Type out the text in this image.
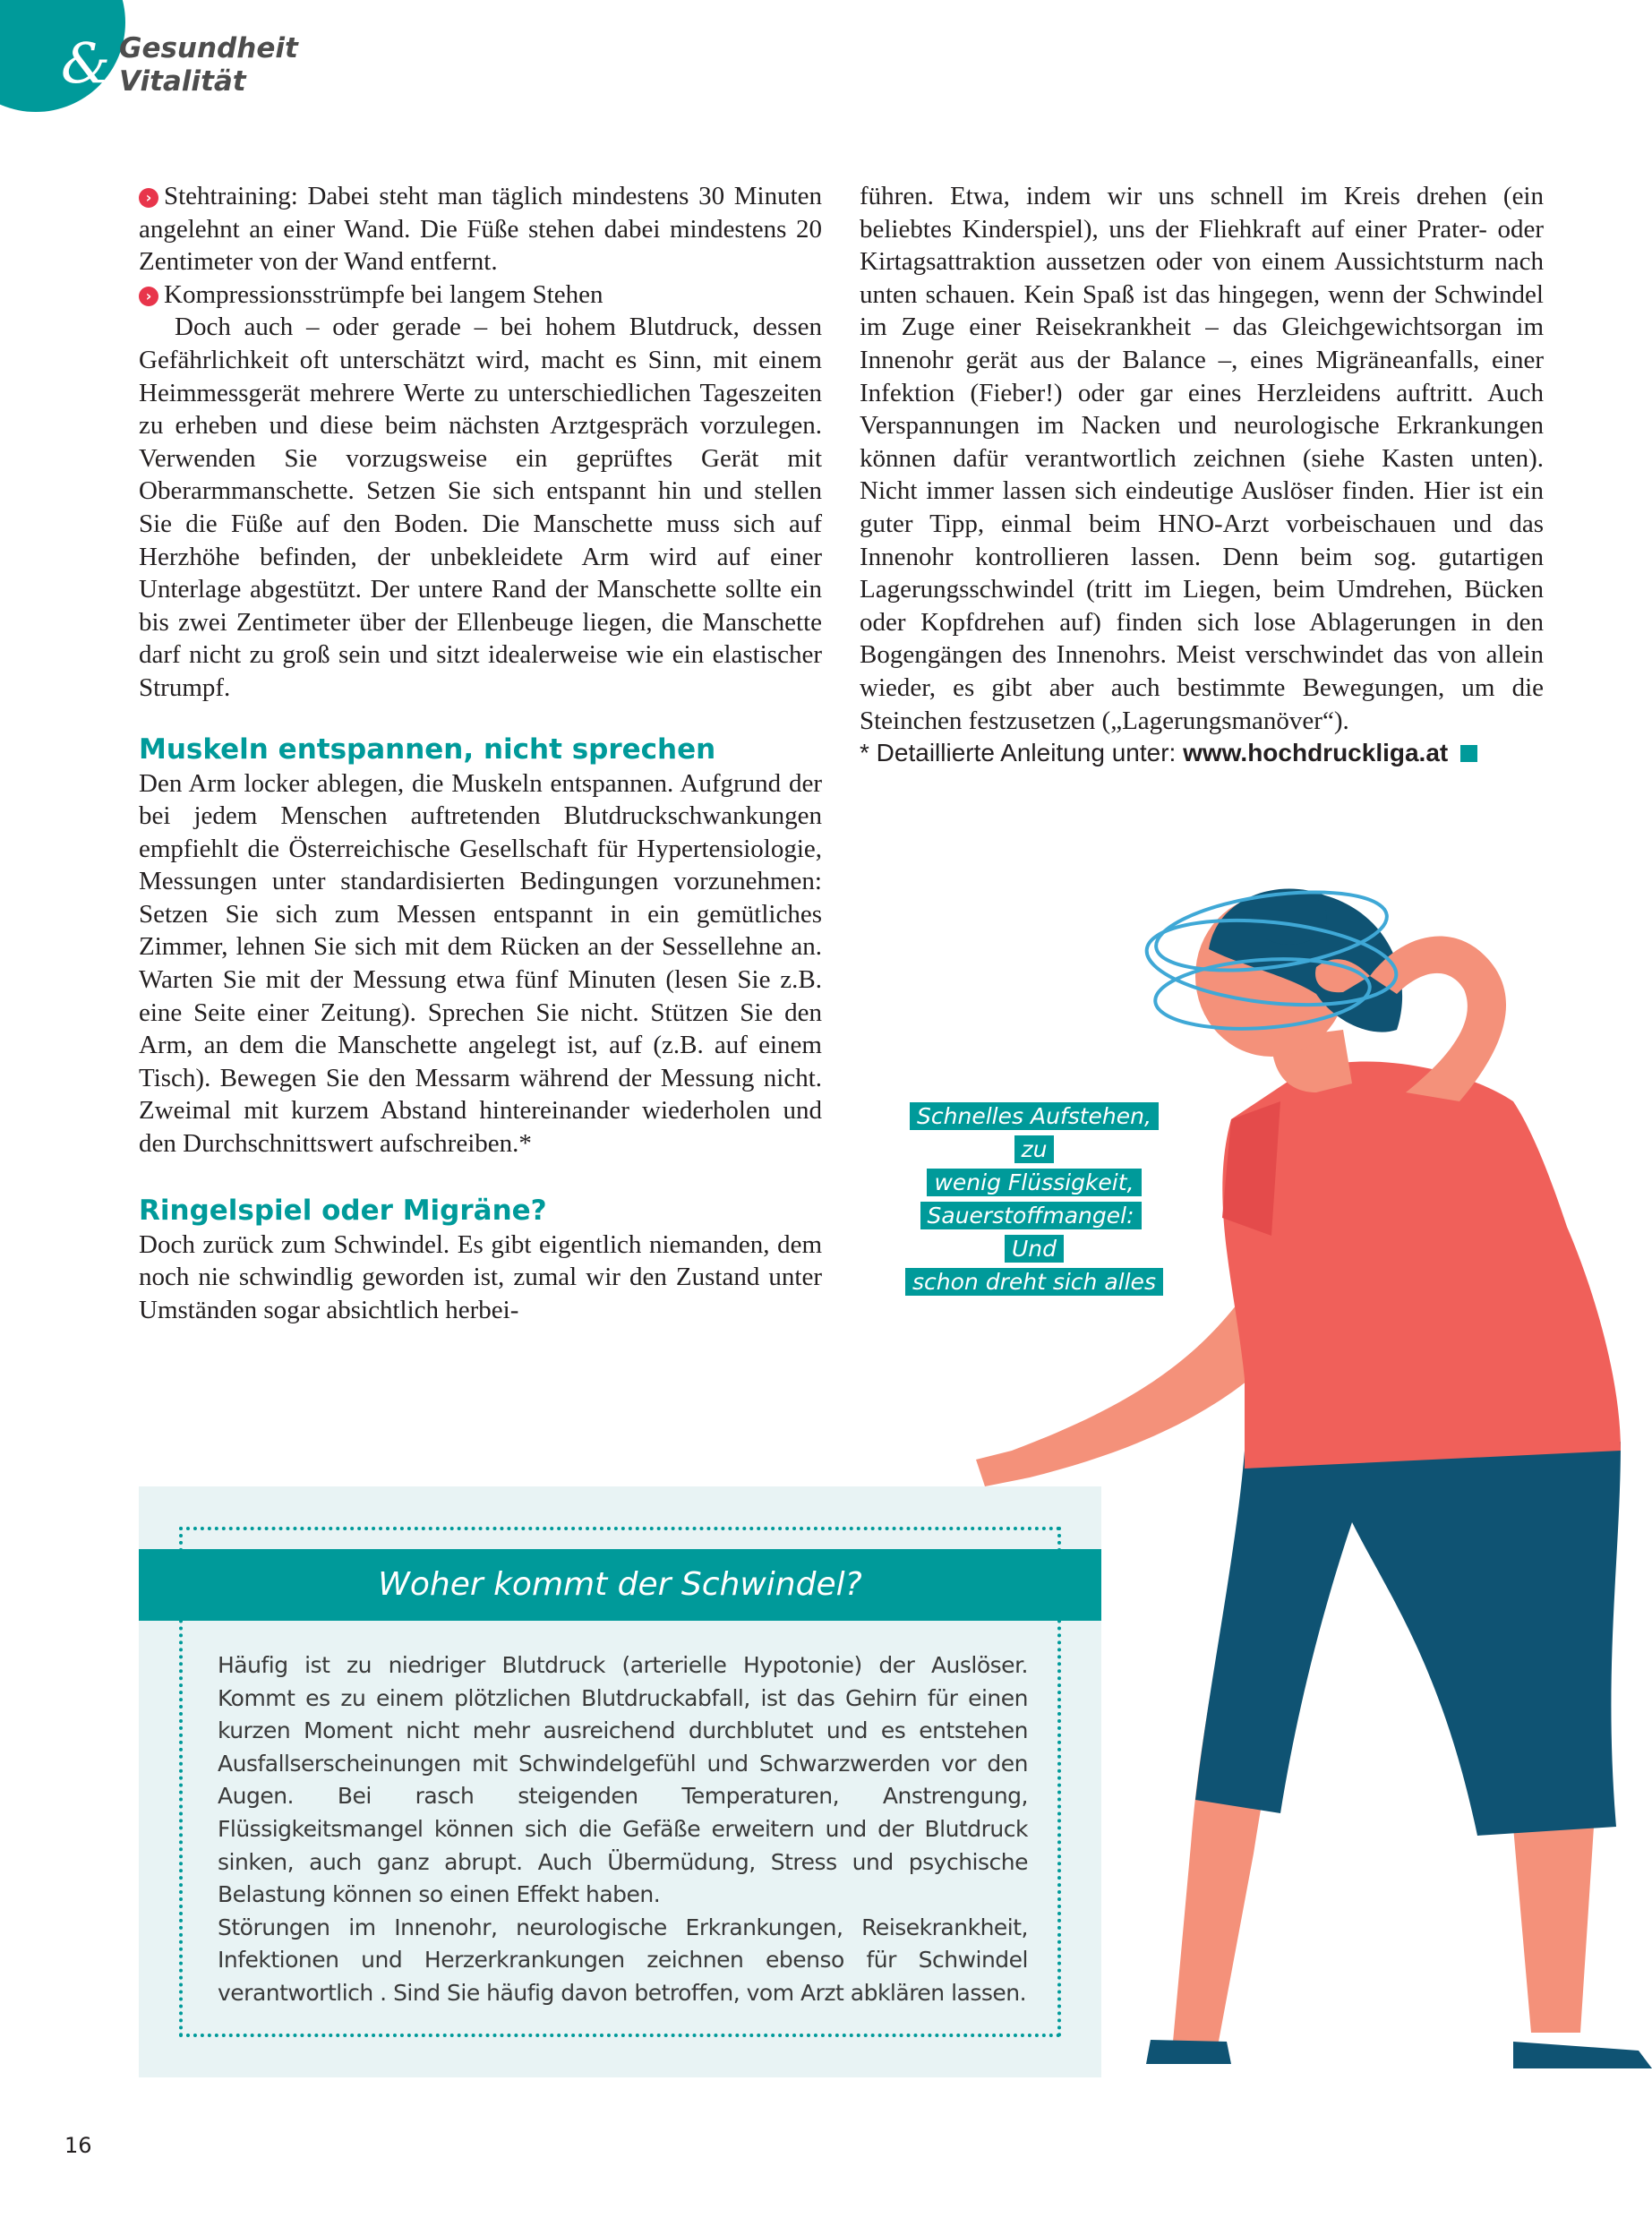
& Gesundheit
Vitalität

› Stehtraining: Dabei steht man täglich mindestens 30 Minuten angelehnt an einer Wand. Die Füße stehen dabei mindestens 20 Zentimeter von der Wand entfernt.

› Kompressionsstrümpfe bei langem Stehen

Doch auch – oder gerade – bei hohem Blutdruck, dessen Gefährlichkeit oft unterschätzt wird, macht es Sinn, mit einem Heimmessgerät mehrere Werte zu unterschiedlichen Tageszeiten zu erheben und diese beim nächsten Arztgespräch vorzulegen. Verwenden Sie vorzugsweise ein geprüftes Gerät mit Oberarmmanschette. Setzen Sie sich entspannt hin und stellen Sie die Füße auf den Boden. Die Manschette muss sich auf Herzhöhe befinden, der unbekleidete Arm wird auf einer Unterlage abgestützt. Der untere Rand der Manschette sollte ein bis zwei Zentimeter über der Ellenbeuge liegen, die Manschette darf nicht zu groß sein und sitzt idealerweise wie ein elastischer Strumpf.

Muskeln entspannen, nicht sprechen

Den Arm locker ablegen, die Muskeln entspannen. Aufgrund der bei jedem Menschen auftretenden Blutdruckschwankungen empfiehlt die Österreichische Gesellschaft für Hypertensiologie, Messungen unter standardisierten Bedingungen vorzunehmen: Setzen Sie sich zum Messen entspannt in ein gemütliches Zimmer, lehnen Sie sich mit dem Rücken an der Sessellehne an. Warten Sie mit der Messung etwa fünf Minuten (lesen Sie z.B. eine Seite einer Zeitung). Sprechen Sie nicht. Stützen Sie den Arm, an dem die Manschette angelegt ist, auf (z.B. auf einem Tisch). Bewegen Sie den Messarm während der Messung nicht. Zweimal mit kurzem Abstand hintereinander wiederholen und den Durchschnittswert aufschreiben.*

Ringelspiel oder Migräne?

Doch zurück zum Schwindel. Es gibt eigentlich niemanden, dem noch nie schwindlig geworden ist, zumal wir den Zustand unter Umständen sogar absichtlich herbei-

führen. Etwa, indem wir uns schnell im Kreis drehen (ein beliebtes Kinderspiel), uns der Fliehkraft auf einer Prater- oder Kirtagsattraktion aussetzen oder von einem Aussichtsturm nach unten schauen. Kein Spaß ist das hingegen, wenn der Schwindel im Zuge einer Reisekrankheit – das Gleichgewichtsorgan im Innenohr gerät aus der Balance –, eines Migräneanfalls, einer Infektion (Fieber!) oder gar eines Herzleidens auftritt. Auch Verspannungen im Nacken und neurologische Erkrankungen können dafür verantwortlich zeichnen (siehe Kasten unten). Nicht immer lassen sich eindeutige Auslöser finden. Hier ist ein guter Tipp, einmal beim HNO-Arzt vorbeischauen und das Innenohr kontrollieren lassen. Denn beim sog. gutartigen Lagerungsschwindel (tritt im Liegen, beim Umdrehen, Bücken oder Kopfdrehen auf) finden sich lose Ablagerungen in den Bogengängen des Innenohrs. Meist verschwindet das von allein wieder, es gibt aber auch bestimmte Bewegungen, um die Steinchen festzusetzen („Lagerungsmanöver“).

* Detaillierte Anleitung unter: www.hochdruckliga.at

Schnelles Aufstehen, zu
wenig Flüssigkeit,
Sauerstoffmangel: Und
schon dreht sich alles
Woher kommt der Schwindel?

Häufig ist zu niedriger Blutdruck (arterielle Hypotonie) der Auslöser. Kommt es zu einem plötzlichen Blutdruckabfall, ist das Gehirn für einen kurzen Moment nicht mehr ausreichend durchblutet und es entstehen Ausfallserscheinungen mit Schwindelgefühl und Schwarzwerden vor den Augen. Bei rasch steigenden Temperaturen, Anstrengung, Flüssigkeitsmangel können sich die Gefäße erweitern und der Blutdruck sinken, auch ganz abrupt. Auch Übermüdung, Stress und psychische Belastung können so einen Effekt haben.

Störungen im Innenohr, neurologische Erkrankungen, Reisekrankheit, Infektionen und Herzerkrankungen zeichnen ebenso für Schwindel verantwortlich . Sind Sie häufig davon betroffen, vom Arzt abklären lassen.

16
